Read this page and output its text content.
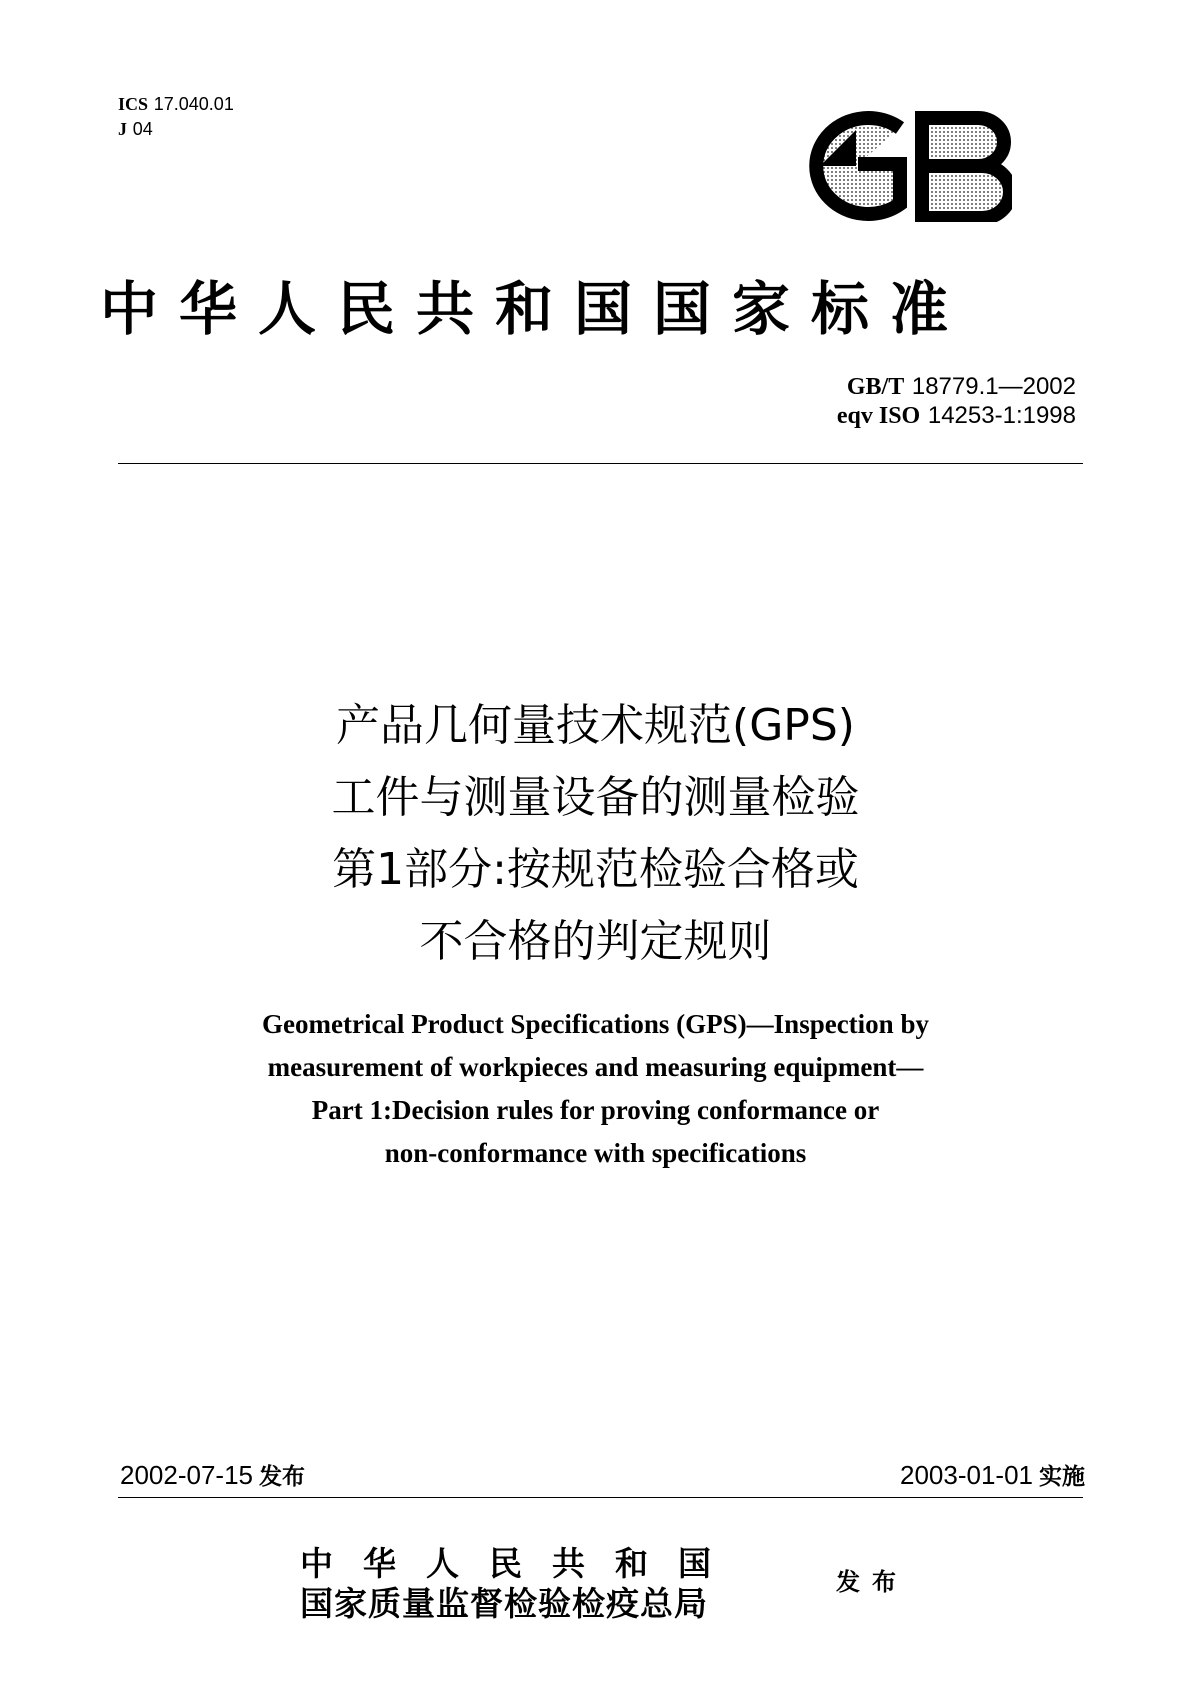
ICS 17.040.01
J 04
中华人民共和国国家标准
GB/T 18779.1—2002
eqv ISO 14253-1:1998
产品几何量技术规范(GPS)
工件与测量设备的测量检验
第1部分:按规范检验合格或
不合格的判定规则
Geometrical Product Specifications (GPS)—Inspection by
measurement of workpieces and measuring equipment—
Part 1:Decision rules for proving conformance or
non-conformance with specifications
2002-07-15 发布	2003-01-01 实施
中华人民共和国
国家质量监督检验检疫总局
发布
